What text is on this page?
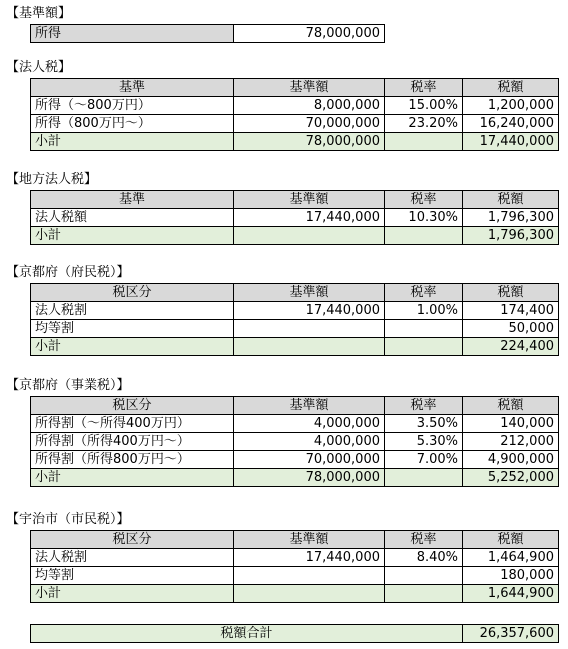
【基準額】
所得	78,000,000
【法人税】
基準	基準額	税率	税額
所得（～800万円）	8,000,000	15.00%	1,200,000
所得（800万円～）	70,000,000	23.20%	16,240,000
小計	78,000,000		17,440,000
【地方法人税】
基準	基準額	税率	税額
法人税額	17,440,000	10.30%	1,796,300
小計			1,796,300
【京都府（府民税）】
税区分	基準額	税率	税額
法人税割	17,440,000	1.00%	174,400
均等割			50,000
小計			224,400
【京都府（事業税）】
税区分	基準額	税率	税額
所得割（～所得400万円）	4,000,000	3.50%	140,000
所得割（所得400万円～）	4,000,000	5.30%	212,000
所得割（所得800万円～）	70,000,000	7.00%	4,900,000
小計	78,000,000		5,252,000
【宇治市（市民税）】
税区分	基準額	税率	税額
法人税割	17,440,000	8.40%	1,464,900
均等割			180,000
小計			1,644,900
税額合計	26,357,600
